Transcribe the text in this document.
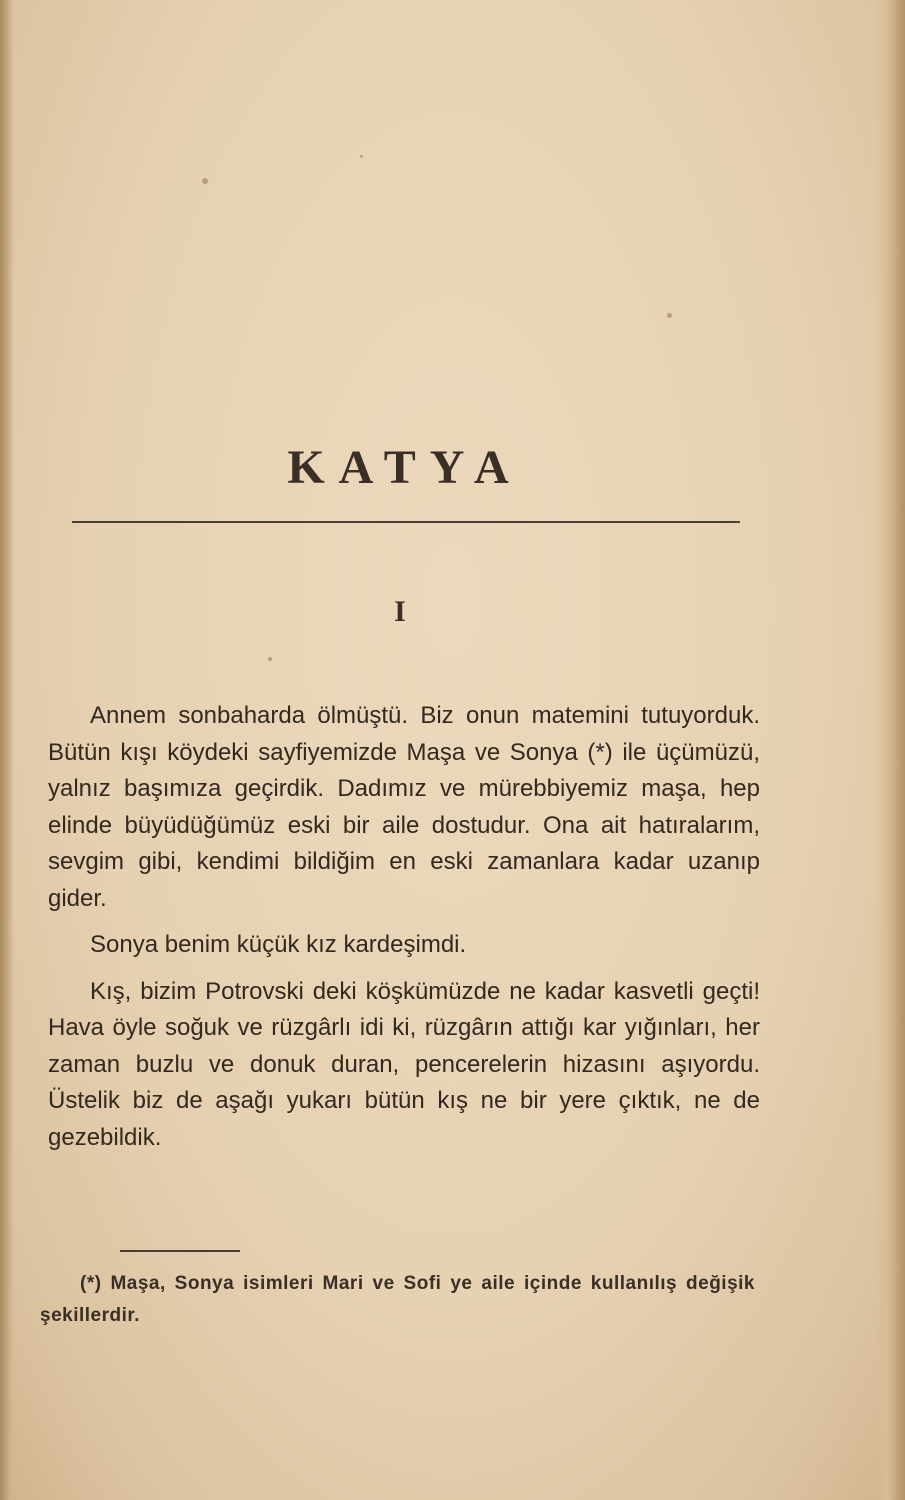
KATYA
I

Annem sonbaharda ölmüştü. Biz onun matemini tutuyorduk. Bütün kışı köydeki sayfiyemizde Maşa ve Sonya (*) ile üçümüzü, yalnız başımıza geçirdik. Dadımız ve mürebbiyemiz maşa, hep elinde büyüdüğümüz eski bir aile dostudur. Ona ait hatıralarım, sevgim gibi, kendimi bildiğim en eski zamanlara kadar uzanıp gider.

Sonya benim küçük kız kardeşimdi.

Kış, bizim Potrovski deki köşkümüzde ne kadar kasvetli geçti! Hava öyle soğuk ve rüzgârlı idi ki, rüzgârın attığı kar yığınları, her zaman buzlu ve donuk duran, pencerelerin hizasını aşıyordu. Üstelik biz de aşağı yukarı bütün kış ne bir yere çıktık, ne de gezebildik.

(*) Maşa, Sonya isimleri Mari ve Sofi ye aile içinde kullanılış değişik şekillerdir.
